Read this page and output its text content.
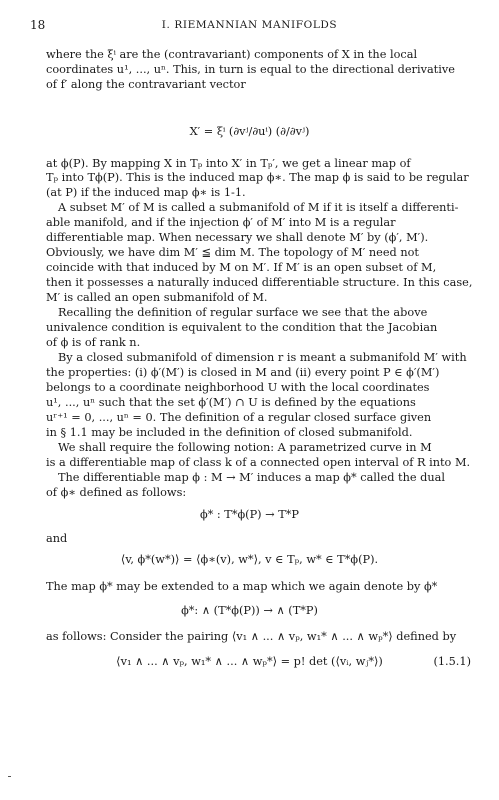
18	I. RIEMANNIAN MANIFOLDS
where the ξⁱ are the (contravariant) components of X in the local
coordinates u¹, ..., uⁿ. This, in turn is equal to the directional derivative
of f′ along the contravariant vector
X′ = ξⁱ (∂vʲ/∂uⁱ) (∂/∂vʲ)
at ϕ(P). By mapping X in Tₚ into X′ in Tₚ′, we get a linear map of
Tₚ into Tϕ(P). This is the induced map ϕ∗. The map ϕ is said to be regular
(at P) if the induced map ϕ∗ is 1-1.
A subset M′ of M is called a submanifold of M if it is itself a differenti-
able manifold, and if the injection ϕ′ of M′ into M is a regular
differentiable map. When necessary we shall denote M′ by (ϕ′, M′).
Obviously, we have dim M′ ≦ dim M. The topology of M′ need not
coincide with that induced by M on M′. If M′ is an open subset of M,
then it possesses a naturally induced differentiable structure. In this case,
M′ is called an open submanifold of M.
Recalling the definition of regular surface we see that the above
univalence condition is equivalent to the condition that the Jacobian
of ϕ is of rank n.
By a closed submanifold of dimension r is meant a submanifold M′ with
the properties: (i) ϕ′(M′) is closed in M and (ii) every point P ∈ ϕ′(M′)
belongs to a coordinate neighborhood U with the local coordinates
u¹, ..., uⁿ such that the set ϕ′(M′) ∩ U is defined by the equations
uʳ⁺¹ = 0, ..., uⁿ = 0. The definition of a regular closed surface given
in § 1.1 may be included in the definition of closed submanifold.
We shall require the following notion: A parametrized curve in M
is a differentiable map of class k of a connected open interval of R into M.
The differentiable map ϕ : M → M′ induces a map ϕ* called the dual
of ϕ∗ defined as follows:
ϕ* : T*ϕ(P) → T*P
and
⟨v, ϕ*(w*)⟩ = ⟨ϕ∗(v), w*⟩, v ∈ Tₚ, w* ∈ T*ϕ(P).
The map ϕ* may be extended to a map which we again denote by ϕ*
ϕ*: ∧ (T*ϕ(P)) → ∧ (T*P)
as follows: Consider the pairing ⟨v₁ ∧ ... ∧ vₚ, w₁* ∧ ... ∧ wₚ*⟩ defined by
⟨v₁ ∧ ... ∧ vₚ, w₁* ∧ ... ∧ wₚ*⟩ = p! det (⟨vᵢ, wⱼ*⟩)	(1.5.1)
